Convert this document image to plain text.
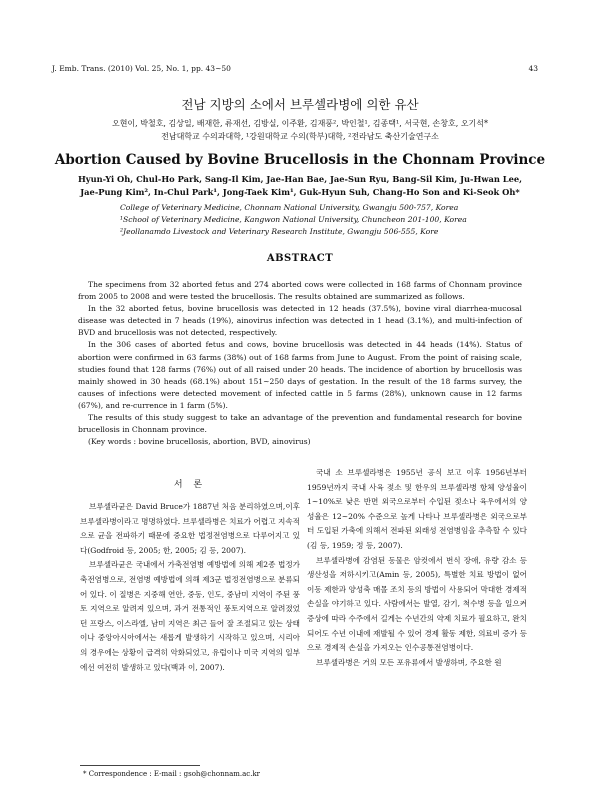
J. Emb. Trans. (2010) Vol. 25, No. 1, pp. 43~50	43
전남 지방의 소에서 브루셀라병에 의한 유산
오현이, 박철호, 김상일, 배재한, 류재선, 김방실, 이주환, 김재풍², 박인철¹, 김종택¹, 서국현, 손창호, 오기석*
전남대학교 수의과대학, ¹강원대학교 수의(학부)대학, ²전라남도 축산기술연구소
Abortion Caused by Bovine Brucellosis in the Chonnam Province
Hyun-Yi Oh, Chul-Ho Park, Sang-Il Kim, Jae-Han Bae, Jae-Sun Ryu, Bang-Sil Kim, Ju-Hwan Lee,
Jae-Pung Kim², In-Chul Park¹, Jong-Taek Kim¹, Guk-Hyun Suh, Chang-Ho Son and Ki-Seok Oh*
College of Veterinary Medicine, Chonnam National University, Gwangju 500-757, Korea
¹School of Veterinary Medicine, Kangwon National University, Chuncheon 201-100, Korea
²Jeollanamdo Livestock and Veterinary Research Institute, Gwangju 506-555, Kore
ABSTRACT

The specimens from 32 aborted fetus and 274 aborted cows were collected in 168 farms of Chonnam province from 2005 to 2008 and were tested the brucellosis. The results obtained are summarized as follows.

In the 32 aborted fetus, bovine brucellosis was detected in 12 heads (37.5%), bovine viral diarrhea-mucosal disease was detected in 7 heads (19%), ainovirus infection was detected in 1 head (3.1%), and multi-infection of BVD and brucellosis was not detected, respectively.

In the 306 cases of aborted fetus and cows, bovine brucellosis was detected in 44 heads (14%). Status of abortion were confirmed in 63 farms (38%) out of 168 farms from June to August. From the point of raising scale, studies found that 128 farms (76%) out of all raised under 20 heads. The incidence of abortion by brucellosis was mainly showed in 30 heads (68.1%) about 151~250 days of gestation. In the result of the 18 farms survey, the causes of infections were detected movement of infected cattle in 5 farms (28%), unknown cause in 12 farms (67%), and re-currence in 1 farm (5%).

The results of this study suggest to take an advantage of the prevention and fundamental research for bovine brucellosis in Chonnam province.

(Key words : bovine brucellosis, abortion, BVD, ainovirus)

서 론

브루셀라균은 David Bruce가 1887년 처음 분리하였으며,이후 브루셀라병이라고 명명하였다. 브루셀라병은 치료가 어렵고 지속적으로 균을 전파하기 때문에 중요한 법정전염병으로 다루어지고 있다(Godfroid 등, 2005; 한, 2005; 김 등, 2007).

브루셀라균은 국내에서 가축전염병 예방법에 의해 제2종 법정가축전염병으로, 전염병 예방법에 의해 제3군 법정전염병으로 분류되어 있다. 이 질병은 지중해 연안, 중동, 인도, 중남미 지역이 주된 풍토 지역으로 알려져 있으며, 과거 전통적인 풍토지역으로 알려졌었던 프랑스, 이스라엘, 남미 지역은 최근 들어 잘 조절되고 있는 상태이나 중앙아시아에서는 새롭게 발생하기 시작하고 있으며, 시리아의 경우에는 상황이 급격히 악화되었고, 유럽이나 미국 지역의 일부에선 여전히 발생하고 있다(백과 이, 2007).

국내 소 브루셀라병은 1955년 공식 보고 이후 1956년부터 1959년까지 국내 사육 젖소 및 한우의 브루셀라병 항체 양성율이 1~10%로 낮은 반면 외국으로부터 수입된 젖소나 육우에서의 양성율은 12~20% 수준으로 높게 나타나 브루셀라병은 외국으로부터 도입된 가축에 의해서 전파된 외래성 전염병임을 추측할 수 있다(김 등, 1959; 정 등, 2007).

브루셀라병에 감염된 동물은 암컷에서 번식 장애, 유량 감소 등 생산성을 저하시키고(Amin 등, 2005), 특별한 치료 방법이 없어 이동 제한과 양성축 매몰 조치 등의 방법이 사용되어 막대한 경제적 손실을 야기하고 있다. 사람에서는 발열, 감기, 척수병 등을 일으켜 증상에 따라 수주에서 길게는 수년간의 약제 치료가 필요하고, 완치되어도 수년 이내에 재발될 수 있어 경제 활동 제한, 의료비 증가 등으로 경제적 손실을 가져오는 인수공통전염병이다.

브루셀라병은 거의 모든 포유류에서 발생하며, 주요한 원

* Correspondence : E-mail : gsoh@chonnam.ac.kr
